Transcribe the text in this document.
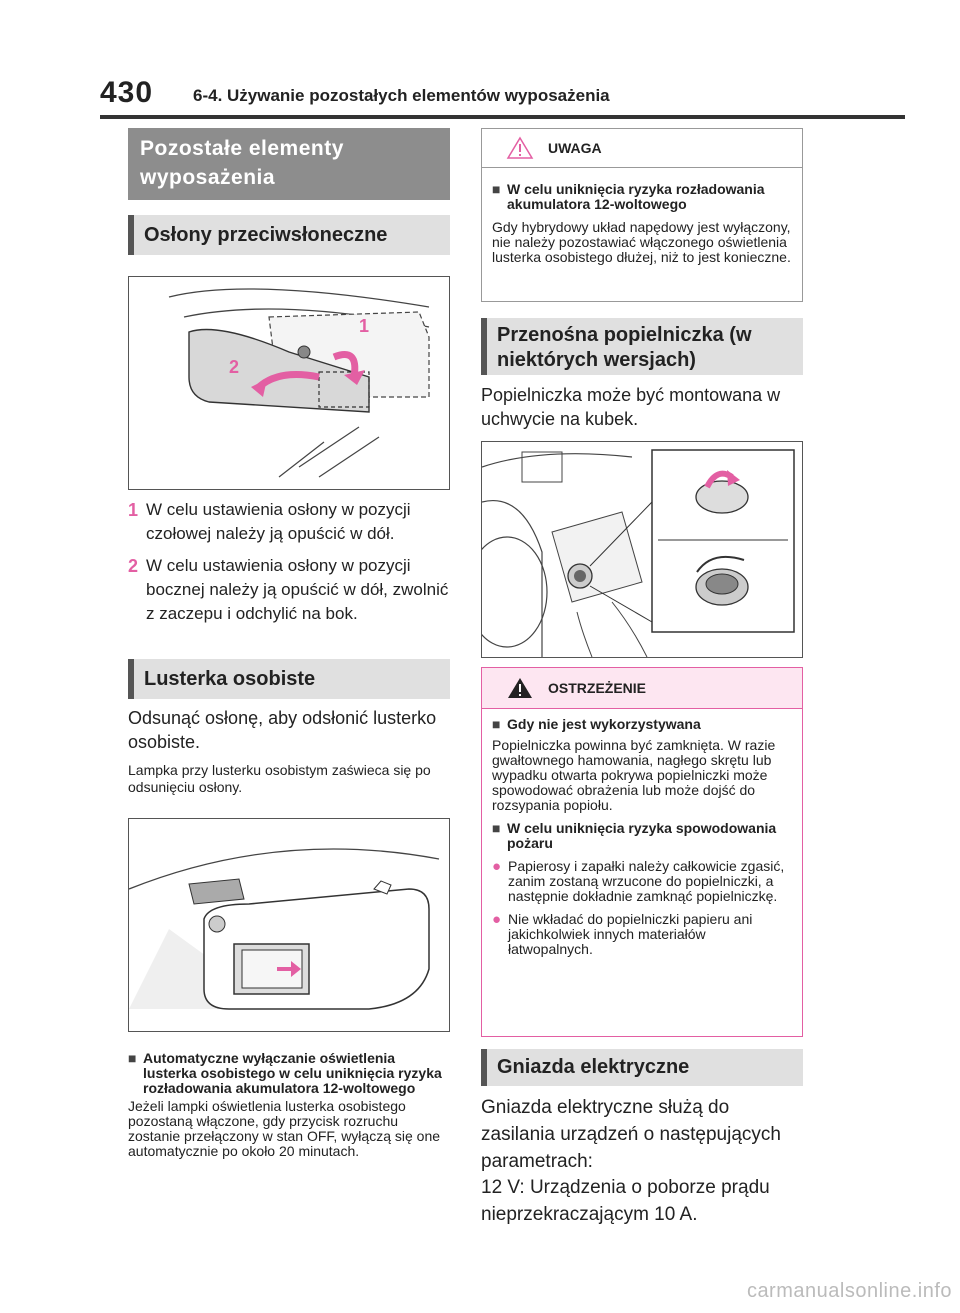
430 6-4. Używanie pozostałych elementów wyposażenia
Pozostałe elementy wyposażenia
Osłony przeciwsłoneczne
1
2
1 W celu ustawienia osłony w pozycji czołowej należy ją opuścić w dół.
2 W celu ustawienia osłony w pozycji bocznej należy ją opuścić w dół, zwolnić z zaczepu i odchylić na bok.
Lusterka osobiste
Odsunąć osłonę, aby odsłonić lusterko osobiste.
Lampka przy lusterku osobistym zaświeca się po odsunięciu osłony.
■ Automatyczne wyłączanie oświetlenia lusterka osobistego w celu uniknięcia ryzyka rozładowania akumulatora 12-woltowego
Jeżeli lampki oświetlenia lusterka osobistego pozostaną włączone, gdy przycisk rozruchu zostanie przełączony w stan OFF, wyłączą się one automatycznie po około 20 minutach.
UWAGA
■ W celu uniknięcia ryzyka rozładowania akumulatora 12-woltowego
Gdy hybrydowy układ napędowy jest wyłączony, nie należy pozostawiać włączonego oświetlenia lusterka osobistego dłużej, niż to jest konieczne.
Przenośna popielniczka (w niektórych wersjach)
Popielniczka może być montowana w uchwycie na kubek.
OSTRZEŻENIE
■ Gdy nie jest wykorzystywana
Popielniczka powinna być zamknięta. W razie gwałtownego hamowania, nagłego skrętu lub wypadku otwarta pokrywa popielniczki może spowodować obrażenia lub może dojść do rozsypania popiołu.
■ W celu uniknięcia ryzyka spowodowania pożaru
● Papierosy i zapałki należy całkowicie zgasić, zanim zostaną wrzucone do popielniczki, a następnie dokładnie zamknąć popielniczkę.
● Nie wkładać do popielniczki papieru ani jakichkolwiek innych materiałów łatwopalnych.
Gniazda elektryczne
Gniazda elektryczne służą do zasilania urządzeń o następujących parametrach:
12 V: Urządzenia o poborze prądu nieprzekraczającym 10 A.
carmanualsonline.info
